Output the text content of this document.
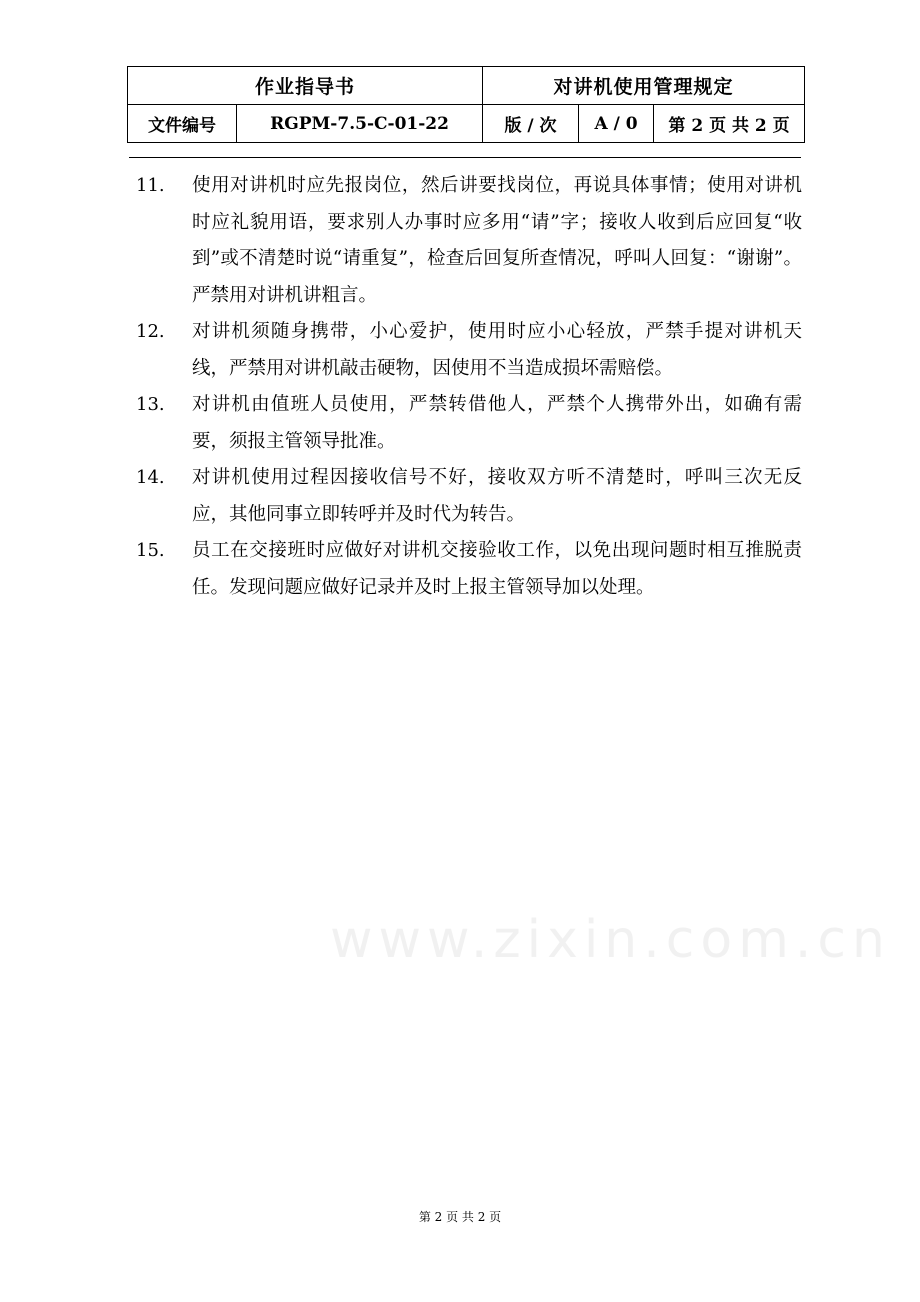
作业指导书		对讲机使用管理规定		
文件编号	RGPM-7.5-C-01-22	版 / 次	A / 0	第 2 页 共 2 页
11.	使用对讲机时应先报岗位，然后讲要找岗位，再说具体事情；使用对讲机时应礼貌用语，要求别人办事时应多用“请”字；接收人收到后应回复“收到”或不清楚时说“请重复”，检查后回复所查情况，呼叫人回复：“谢谢”。严禁用对讲机讲粗言。
12.	对讲机须随身携带，小心爱护，使用时应小心轻放，严禁手提对讲机天线，严禁用对讲机敲击硬物，因使用不当造成损坏需赔偿。
13.	对讲机由值班人员使用，严禁转借他人，严禁个人携带外出，如确有需要，须报主管领导批准。
14.	对讲机使用过程因接收信号不好，接收双方听不清楚时，呼叫三次无反应，其他同事立即转呼并及时代为转告。
15.	员工在交接班时应做好对讲机交接验收工作，以免出现问题时相互推脱责任。发现问题应做好记录并及时上报主管领导加以处理。
www.zixin.com.cn
第 2 页 共 2 页
